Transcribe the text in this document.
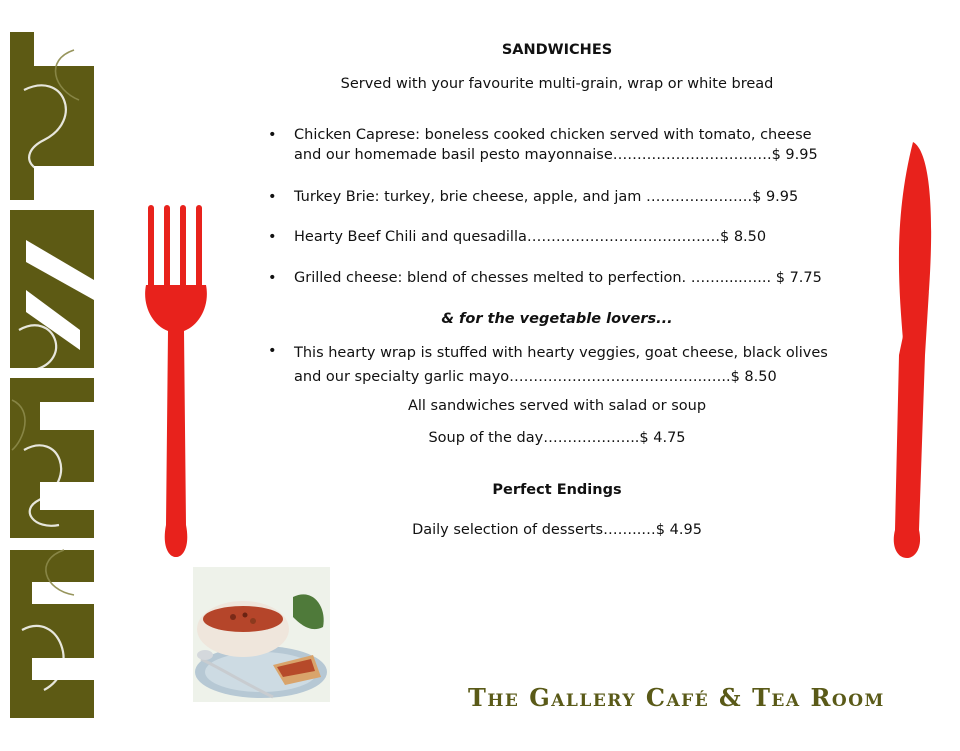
SANDWICHES
Served with your favourite multi-grain, wrap or white bread
•	Chicken Caprese: boneless cooked chicken served with tomato, cheese
and our homemade basil pesto mayonnaise………………………..….$ 9.95
•	Turkey Brie: turkey, brie cheese, apple, and jam ………………….$ 9.95
•	Hearty Beef Chili and quesadilla………………………………….$ 8.50
•	Grilled cheese: blend of chesses melted to perfection. …….....…... $ 7.75
& for the vegetable lovers...
•	This hearty wrap is stuffed with hearty veggies, goat cheese, black olives
and our specialty garlic mayo…………………………………..…..$ 8.50
All sandwiches served with salad or soup
Soup of the day………………..$ 4.75
Perfect Endings
Daily selection of desserts……..…$ 4.95
The Gallery Café & Tea Room
